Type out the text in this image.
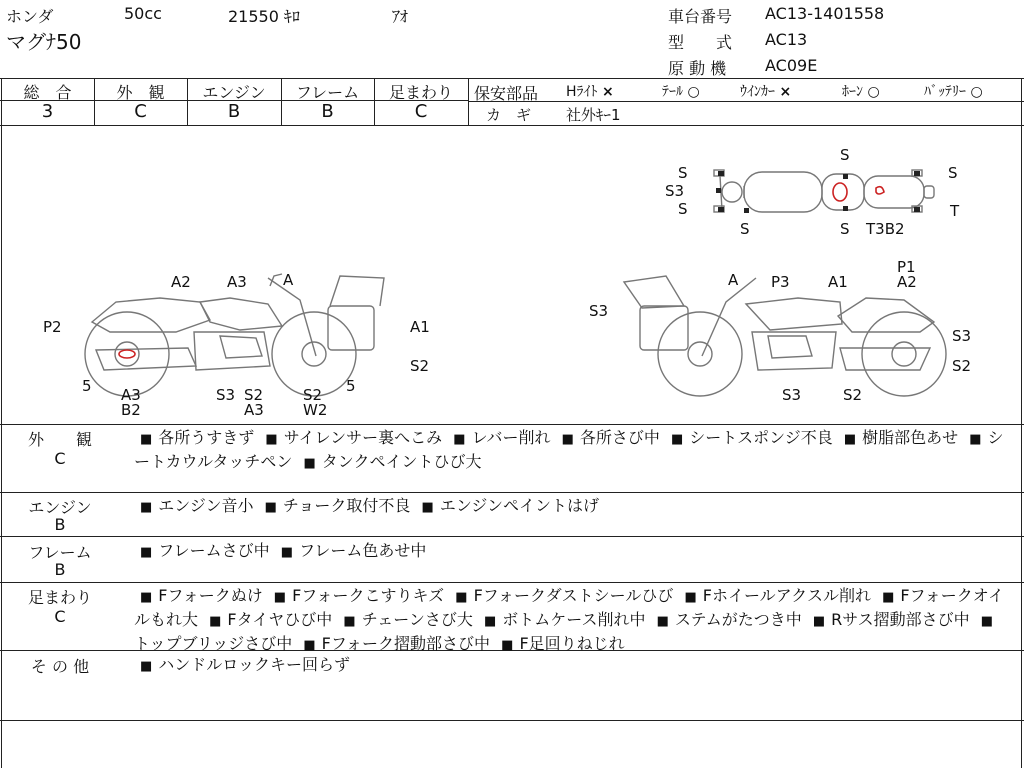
ホンダ	50cc	21550 ｷﾛ	ｱｵ
マグﾅ50
車台番号 AC13-1401558
型　　式 AC13
原 動 機 AC09E
総　合
3
外　観
C
エンジン
B
フレーム
B
足まわり
C
保安部品 Hﾗｲﾄ ×	ﾃｰﾙ ○	ｳｲﾝｶｰ ×	ﾎｰﾝ ○	ﾊﾞｯﾃﾘｰ ○
カ　ギ 社外ｷｰ1
S
S3
S
S
S
T
S	S T3B2
A2 A3 A
A1
P2
S2
5 A3
B2
S3 S2
A3
S2
W2
5
A P3	A1
P1
A2
S3
S3
S2
S3	S2
外　　観
C
■ 各所うすきず ■ サイレンサー裏へこみ ■ レバー削れ ■ 各所さび中 ■ シートスポンジ不良 ■ 樹脂部色あせ ■ シートカウルタッチペン ■ タンクペイントひび大
エンジン
B
■ エンジン音小 ■ チョーク取付不良 ■ エンジンペイントはげ
フレーム
B
■ フレームさび中 ■ フレーム色あせ中
足まわり
C
■ Fフォークぬけ ■ Fフォークこすりキズ ■ Fフォークダストシールひび ■ Fホイールアクスル削れ ■ Fフォークオイルもれ大 ■ Fタイヤひび中 ■ チェーンさび大 ■ ボトムケース削れ中 ■ ステムがたつき中 ■ Rサス摺動部さび中 ■トップブリッジさび中 ■ Fフォーク摺動部さび中 ■ F足回りねじれ
そ の 他	■ ハンドルロックキー回らず
